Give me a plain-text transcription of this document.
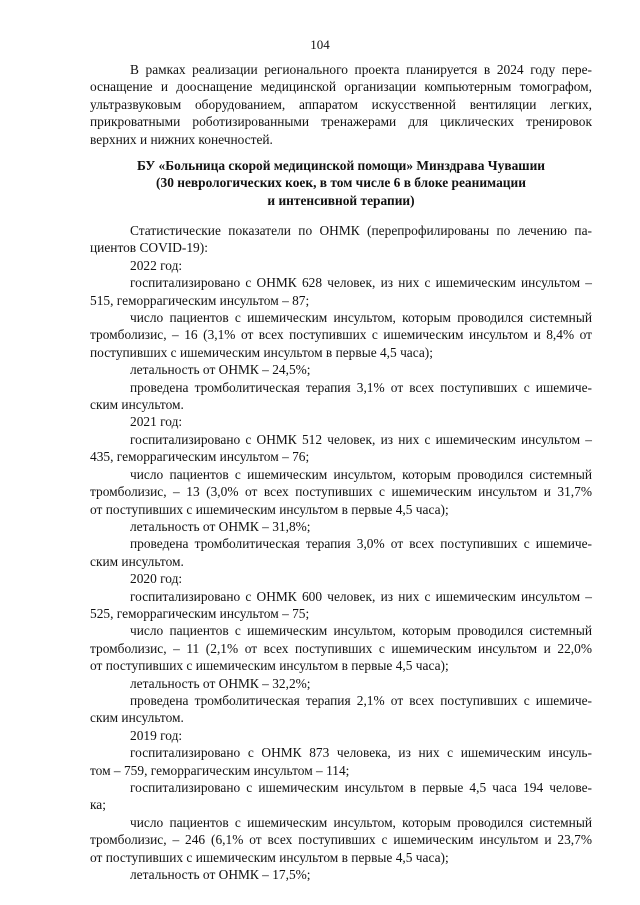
104
В рамках реализации регионального проекта планируется в 2024 году пере-
оснащение и дооснащение медицинской организации компьютерным томографом,
ультразвуковым оборудованием, аппаратом искусственной вентиляции легких,
прикроватными роботизированными тренажерами для циклических тренировок
верхних и нижних конечностей.
БУ «Больница скорой медицинской помощи» Минздрава Чувашии
(30 неврологических коек, в том числе 6 в блоке реанимации
и интенсивной терапии)
Статистические показатели по ОНМК (перепрофилированы по лечению па-
циентов COVID-19):
2022 год:
госпитализировано с ОНМК 628 человек, из них с ишемическим инсультом –
515, геморрагическим инсультом – 87;
число пациентов с ишемическим инсультом, которым проводился системный
тромболизис, – 16 (3,1% от всех поступивших с ишемическим инсультом и 8,4% от
поступивших с ишемическим инсультом в первые 4,5 часа);
летальность от ОНМК – 24,5%;
проведена тромболитическая терапия 3,1% от всех поступивших с ишемиче-
ским инсультом.
2021 год:
госпитализировано с ОНМК 512 человек, из них с ишемическим инсультом –
435, геморрагическим инсультом – 76;
число пациентов с ишемическим инсультом, которым проводился системный
тромболизис, – 13 (3,0% от всех поступивших с ишемическим инсультом и 31,7%
от поступивших с ишемическим инсультом в первые 4,5 часа);
летальность от ОНМК – 31,8%;
проведена тромболитическая терапия 3,0% от всех поступивших с ишемиче-
ским инсультом.
2020 год:
госпитализировано с ОНМК 600 человек, из них с ишемическим инсультом –
525, геморрагическим инсультом – 75;
число пациентов с ишемическим инсультом, которым проводился системный
тромболизис, – 11 (2,1% от всех поступивших с ишемическим инсультом и 22,0%
от поступивших с ишемическим инсультом в первые 4,5 часа);
летальность от ОНМК – 32,2%;
проведена тромболитическая терапия 2,1% от всех поступивших с ишемиче-
ским инсультом.
2019 год:
госпитализировано с ОНМК 873 человека, из них с ишемическим инсуль-
том – 759, геморрагическим инсультом – 114;
госпитализировано с ишемическим инсультом в первые 4,5 часа 194 челове-
ка;
число пациентов с ишемическим инсультом, которым проводился системный
тромболизис, – 246 (6,1% от всех поступивших с ишемическим инсультом и 23,7%
от поступивших с ишемическим инсультом в первые 4,5 часа);
летальность от ОНМК – 17,5%;
